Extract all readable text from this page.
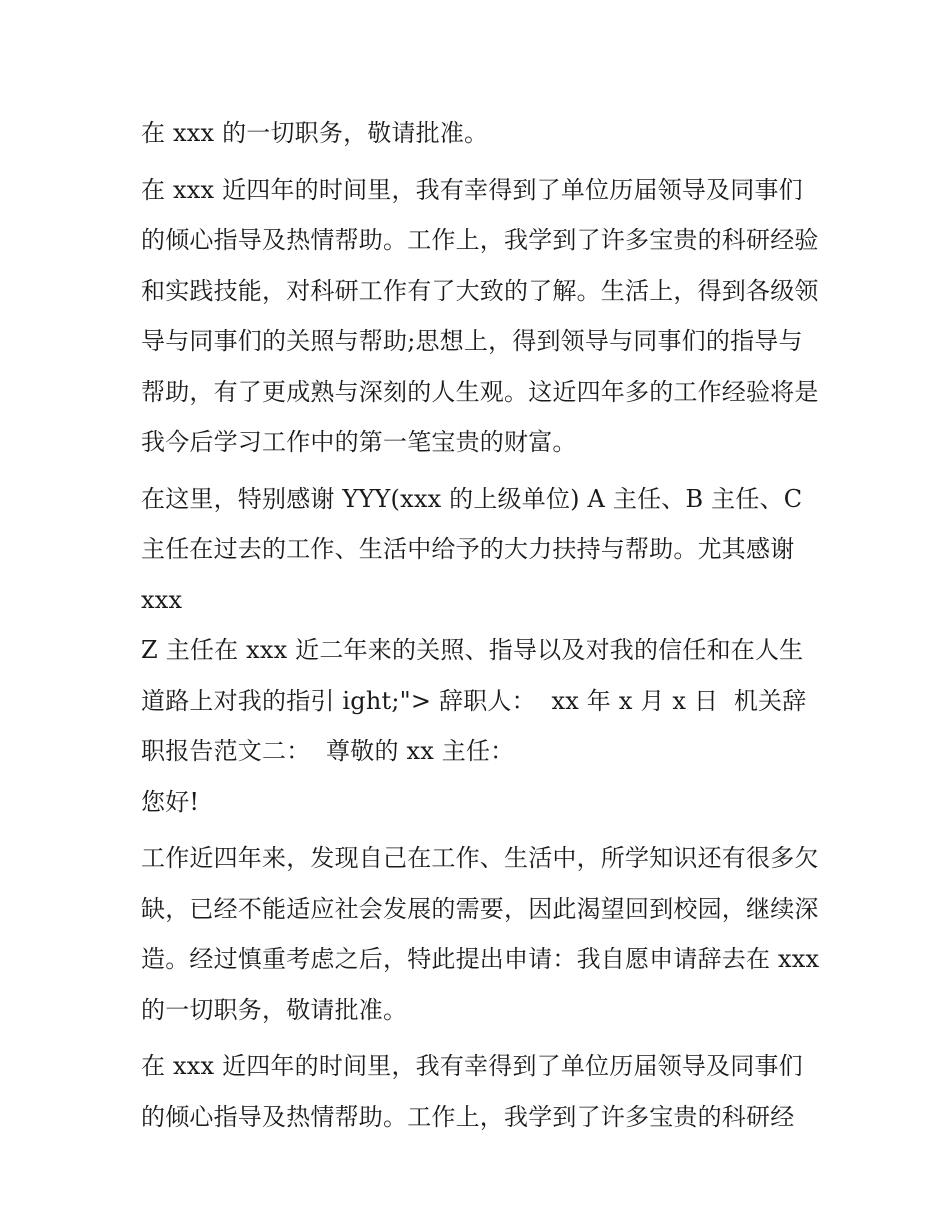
在 xxx 的一切职务，敬请批准。

在 xxx 近四年的时间里，我有幸得到了单位历届领导及同事们的倾心指导及热情帮助。工作上，我学到了许多宝贵的科研经验和实践技能，对科研工作有了大致的了解。生活上，得到各级领导与同事们的关照与帮助;思想上，得到领导与同事们的指导与帮助，有了更成熟与深刻的人生观。这近四年多的工作经验将是我今后学习工作中的第一笔宝贵的财富。

在这里，特别感谢 YYY(xxx 的上级单位) A 主任、B 主任、C 主任在过去的工作、生活中给予的大力扶持与帮助。尤其感谢
xxx

Z 主任在 xxx 近二年来的关照、指导以及对我的信任和在人生道路上对我的指引 ight;"> 辞职人：  xx 年 x 月 x 日  机关辞职报告范文二：  尊敬的 xx 主任：

您好!

工作近四年来，发现自己在工作、生活中，所学知识还有很多欠缺，已经不能适应社会发展的需要，因此渴望回到校园，继续深造。经过慎重考虑之后，特此提出申请：我自愿申请辞去在 xxx 的一切职务，敬请批准。

在 xxx 近四年的时间里，我有幸得到了单位历届领导及同事们的倾心指导及热情帮助。工作上，我学到了许多宝贵的科研经
